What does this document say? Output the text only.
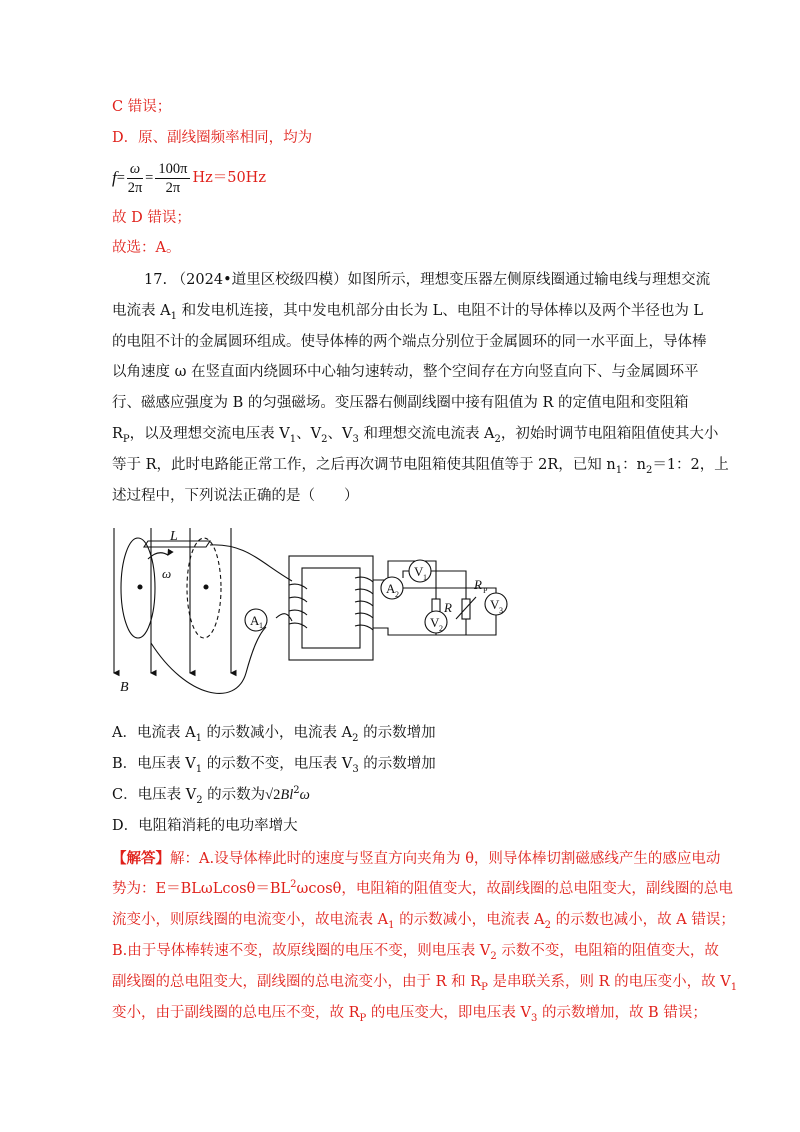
C 错误；
D．原、副线圈频率相同，均为
$f = \frac{\omega}{2\pi} = \frac{100\pi}{2\pi} Hz=50Hz$
故 D 错误；
故选：A。
17. （2024•道里区校级四模）如图所示，理想变压器左侧原线圈通过输电线与理想交流
电流表 $A_1$ 和发电机连接，其中发电机部分由长为 L、电阻不计的导体棒以及两个半径也为 L
的电阻不计的金属圆环组成。使导体棒的两个端点分别位于金属圆环的同一水平面上，导体棒
以角速度 ω 在竖直面内绕圆环中心轴匀速转动，整个空间存在方向竖直向下、与金属圆环平
行、磁感应强度为 B 的匀强磁场。变压器右侧副线圈中接有阻值为 R 的定值电阻和变阻箱
$R_P$，以及理想交流电压表 $V_1$、$V_2$、$V_3$ 和理想交流电流表 $A_2$，初始时调节电阻箱阻值使其大小
等于 R，此时电路能正常工作，之后再次调节电阻箱使其阻值等于 2R，已知 $n_1$：$n_2=1$：2，上
述过程中，下列说法正确的是（　　）
L
ω
B
A 1
A 2
V 1
R
R P
V 2
V 3
A．电流表 $A_1$ 的示数减小，电流表 $A_2$ 的示数增加
B．电压表 $V_1$ 的示数不变，电压表 $V_3$ 的示数增加
C．电压表 $V_2$ 的示数为√2Bl$^2$ω
D．电阻箱消耗的电功率增大
【解答】解：A.设导体棒此时的速度与竖直方向夹角为 θ，则导体棒切割磁感线产生的感应电动
势为：$E=BL\omega Lcos\theta=BL^2\omega\cos\theta$，电阻箱的阻值变大，故副线圈的总电阻变大，副线圈的总电
流变小，则原线圈的电流变小，故电流表 $A_1$ 的示数减小，电流表 $A_2$ 的示数也减小，故 A 错误；
B.由于导体棒转速不变，故原线圈的电压不变，则电压表 $V_2$ 示数不变，电阻箱的阻值变大，故
副线圈的总电阻变大，副线圈的总电流变小，由于 R 和 $R_P$ 是串联关系，则 R 的电压变小，故 $V_1$
变小，由于副线圈的总电压不变，故 $R_P$ 的电压变大，即电压表 $V_3$ 的示数增加，故 B 错误；
